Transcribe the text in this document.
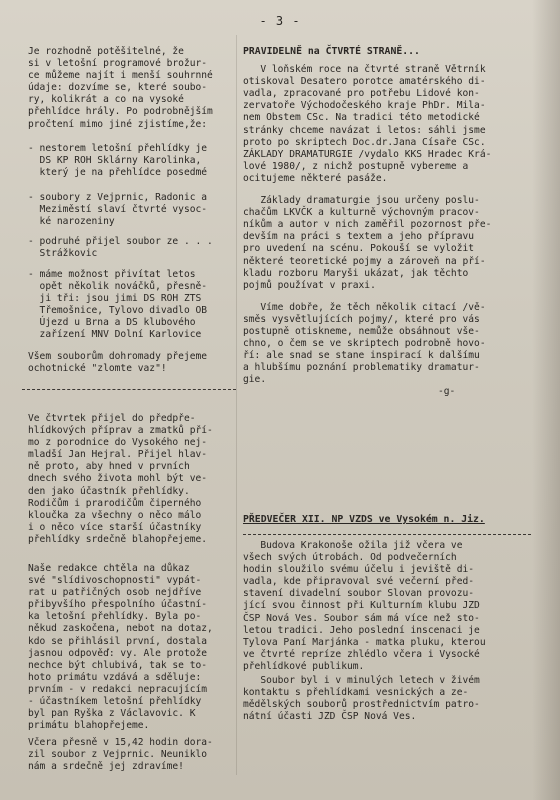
- 3 -
Je rozhodně potěšitelné, že
si v letošní programové brožur-
ce můžeme najít i menší souhrnné
údaje: dozvíme se, které soubo-
ry, kolikrát a co na vysoké
přehlídce hrály. Po podrobnějším
pročtení mimo jiné zjistíme,že:
- nestorem letošní přehlídky je
DS KP ROH Sklárny Karolinka,
který je na přehlídce posedmé
- soubory z Vejprnic, Radonic a
Meziměstí slaví čtvrté vysoc-
ké narozeniny
- podruhé přijel soubor ze . . .
Strážkovic
- máme možnost přivítat letos
opět několik nováčků, přesně-
ji tři: jsou jimi DS ROH ZTS
Třemošnice, Tylovo divadlo OB
Újezd u Brna a DS klubového
zařízení MNV Dolní Karlovice
Všem souborům dohromady přejeme
ochotnické "zlomte vaz"!
Ve čtvrtek přijel do předpře-
hlídkových příprav a zmatků pří-
mo z porodnice do Vysokého nej-
mladší Jan Hejral. Přijel hlav-
ně proto, aby hned v prvních
dnech svého života mohl být ve-
den jako účastník přehlídky.
Rodičům i prarodičům čiperného
kloučka za všechny o něco málo
i o něco více starší účastníky
přehlídky srdečně blahopřejeme.
Naše redakce chtěla na důkaz
své "slídivoschopnosti" vypát-
rat u patřičných osob nejdříve
přibyvšího přespolního účastní-
ka letošní přehlídky. Byla po-
někud zaskočena, nebot na dotaz,
kdo se přihlásil první, dostala
jasnou odpověď: vy. Ale protože
nechce být chlubivá, tak se to-
hoto primátu vzdává a sděluje:
prvním - v redakci nepracujícím
- účastníkem letošní přehlídky
byl pan Ryška z Václavovic. K
primátu blahopřejeme.
Včera přesně v 15,42 hodin dora-
zil soubor z Vejprnic. Neuniklo
nám a srdečně jej zdravíme!
PRAVIDELNĚ na ČTVRTÉ STRANĚ...
V loňském roce na čtvrté straně Větrník
otiskoval Desatero porotce amatérského di-
vadla, zpracované pro potřebu Lidové kon-
zervatoře Východočeského kraje PhDr. Mila-
nem Obstem CSc. Na tradici této metodické
stránky chceme navázat i letos: sáhli jsme
proto po skriptech Doc.dr.Jana Císaře CSc.
ZÁKLADY DRAMATURGIE /vydalo KKS Hradec Krá-
lové 1980/, z nichž postupně vybereme a
ocitujeme některé pasáže.
Základy dramaturgie jsou určeny poslu-
chačům LKVČK a kulturně výchovným pracov-
níkům a autor v nich zaměřil pozornost pře-
devším na práci s textem a jeho přípravu
pro uvedení na scénu. Pokouší se vyložit
některé teoretické pojmy a zároveň na pří-
kladu rozboru Maryši ukázat, jak těchto
pojmů používat v praxi.
Víme dobře, že těch několik citací /vě-
směs vysvětlujících pojmy/, které pro vás
postupně otiskneme, nemůže obsáhnout vše-
chno, o čem se ve skriptech podrobně hovo-
ří: ale snad se stane inspirací k dalšímu
a hlubšímu poznání problematiky dramatur-
gie.
-g-
PŘEDVEČER XII. NP VZDS ve Vysokém n. Jiz.
Budova Krakonoše ožila již včera ve
všech svých útrobách. Od podvečerních
hodin sloužilo svému účelu i jeviště di-
vadla, kde připravoval své večerní před-
stavení divadelní soubor Slovan provozu-
jící svou činnost při Kulturním klubu JZD
ČSP Nová Ves. Soubor sám má více než sto-
letou tradici. Jeho poslední inscenaci je
Tylova Paní Marjánka - matka pluku, kterou
ve čtvrté repríze zhlédlo včera i Vysocké
přehlídkové publikum.
Soubor byl i v minulých letech v živém
kontaktu s přehlídkami vesnických a ze-
mědělských souborů prostřednictvím patro-
nátní účasti JZD ČSP Nová Ves.
